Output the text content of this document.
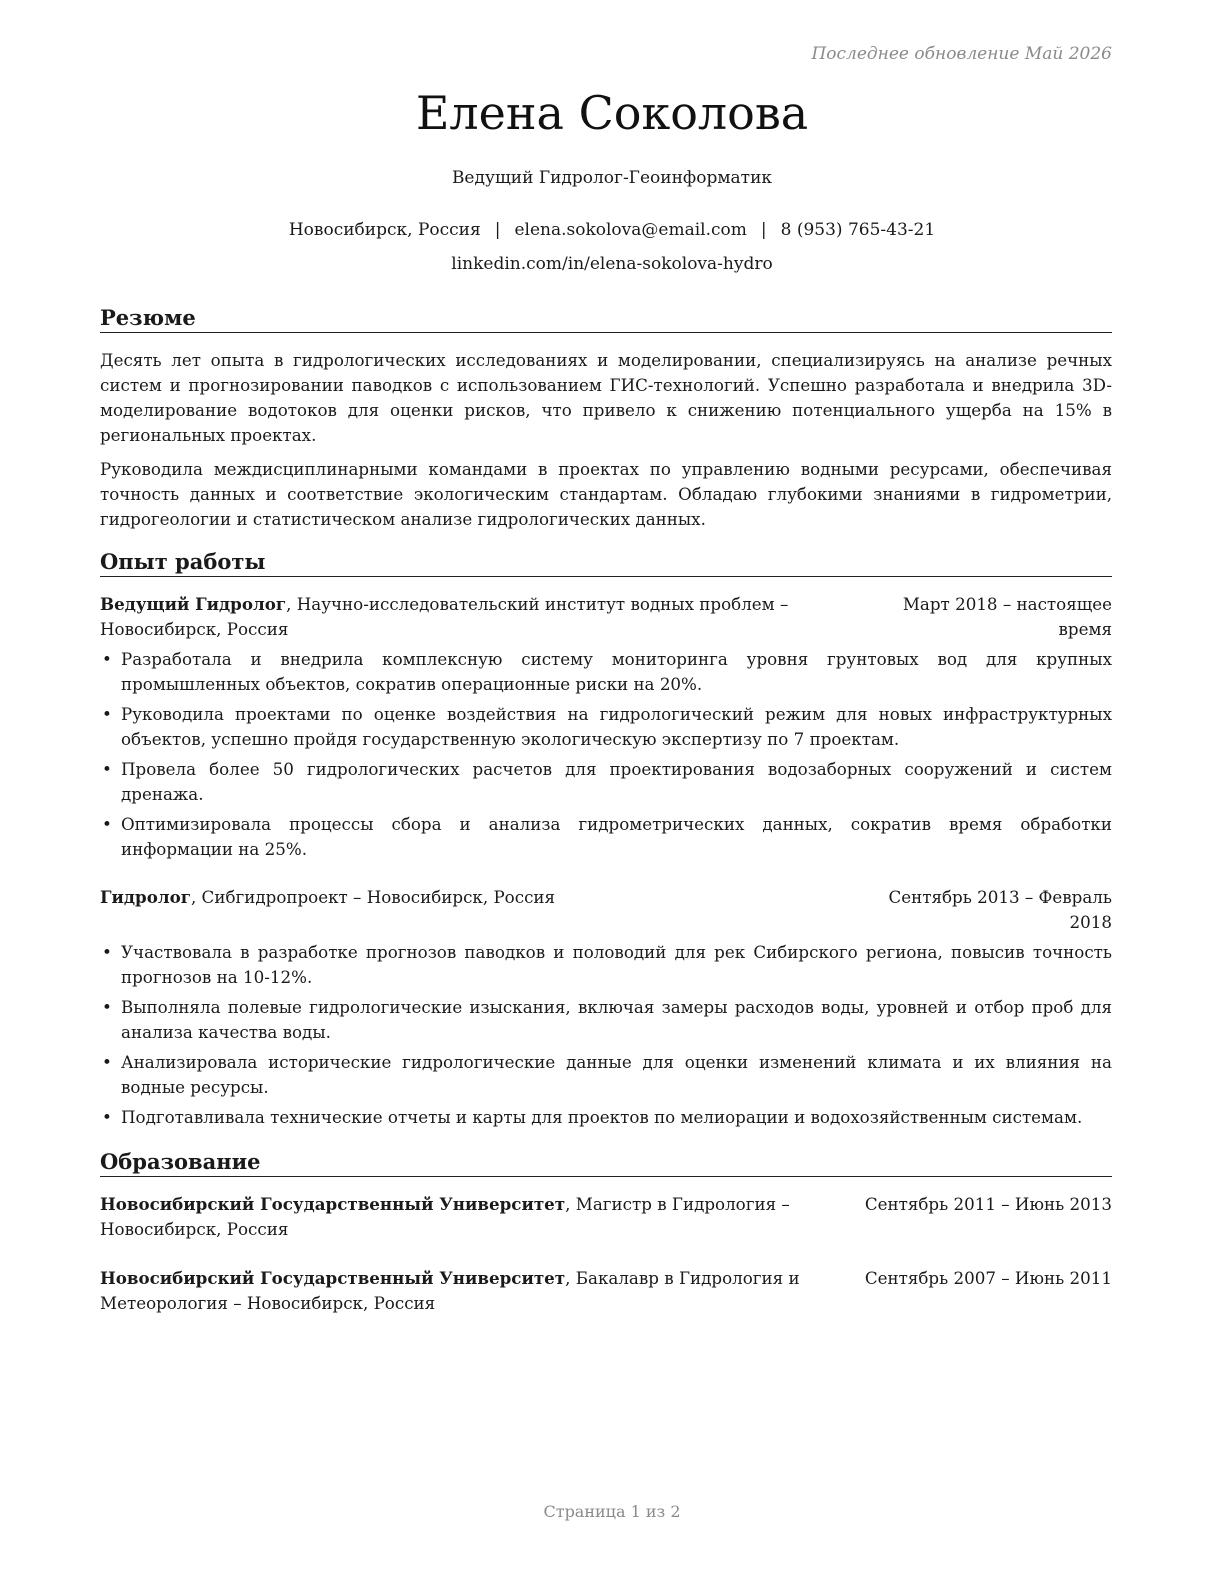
Последнее обновление Май 2026
Елена Соколова
Ведущий Гидролог-Геоинформатик
Новосибирск, Россия | elena.sokolova@email.com | 8 (953) 765-43-21
linkedin.com/in/elena-sokolova-hydro
Резюме

Десять лет опыта в гидрологических исследованиях и моделировании, специализируясь на анализе речных систем и прогнозировании паводков с использованием ГИС-технологий. Успешно разработала и внедрила 3D-моделирование водотоков для оценки рисков, что привело к снижению потенциального ущерба на 15% в региональных проектах.

Руководила междисциплинарными командами в проектах по управлению водными ресурсами, обеспечивая точность данных и соответствие экологическим стандартам. Обладаю глубокими знаниями в гидрометрии, гидрогеологии и статистическом анализе гидрологических данных.

Опыт работы
Ведущий Гидролог, Научно-исследовательский институт водных проблем – Новосибирск, Россия
Март 2018 – настоящее время
• Разработала и внедрила комплексную систему мониторинга уровня грунтовых вод для крупных промышленных объектов, сократив операционные риски на 20%.
• Руководила проектами по оценке воздействия на гидрологический режим для новых инфраструктурных объектов, успешно пройдя государственную экологическую экспертизу по 7 проектам.
• Провела более 50 гидрологических расчетов для проектирования водозаборных сооружений и систем дренажа.
• Оптимизировала процессы сбора и анализа гидрометрических данных, сократив время обработки информации на 25%.
Гидролог, Сибгидропроект – Новосибирск, Россия	Сентябрь 2013 – Февраль 2018
• Участвовала в разработке прогнозов паводков и половодий для рек Сибирского региона, повысив точность прогнозов на 10-12%.
• Выполняла полевые гидрологические изыскания, включая замеры расходов воды, уровней и отбор проб для анализа качества воды.
• Анализировала исторические гидрологические данные для оценки изменений климата и их влияния на водные ресурсы.
• Подготавливала технические отчеты и карты для проектов по мелиорации и водохозяйственным системам.
Образование
Новосибирский Государственный Университет, Магистр в Гидрология – Новосибирск, Россия
Сентябрь 2011 – Июнь 2013
Новосибирский Государственный Университет, Бакалавр в Гидрология и Метеорология – Новосибирск, Россия
Сентябрь 2007 – Июнь 2011
Страница 1 из 2
